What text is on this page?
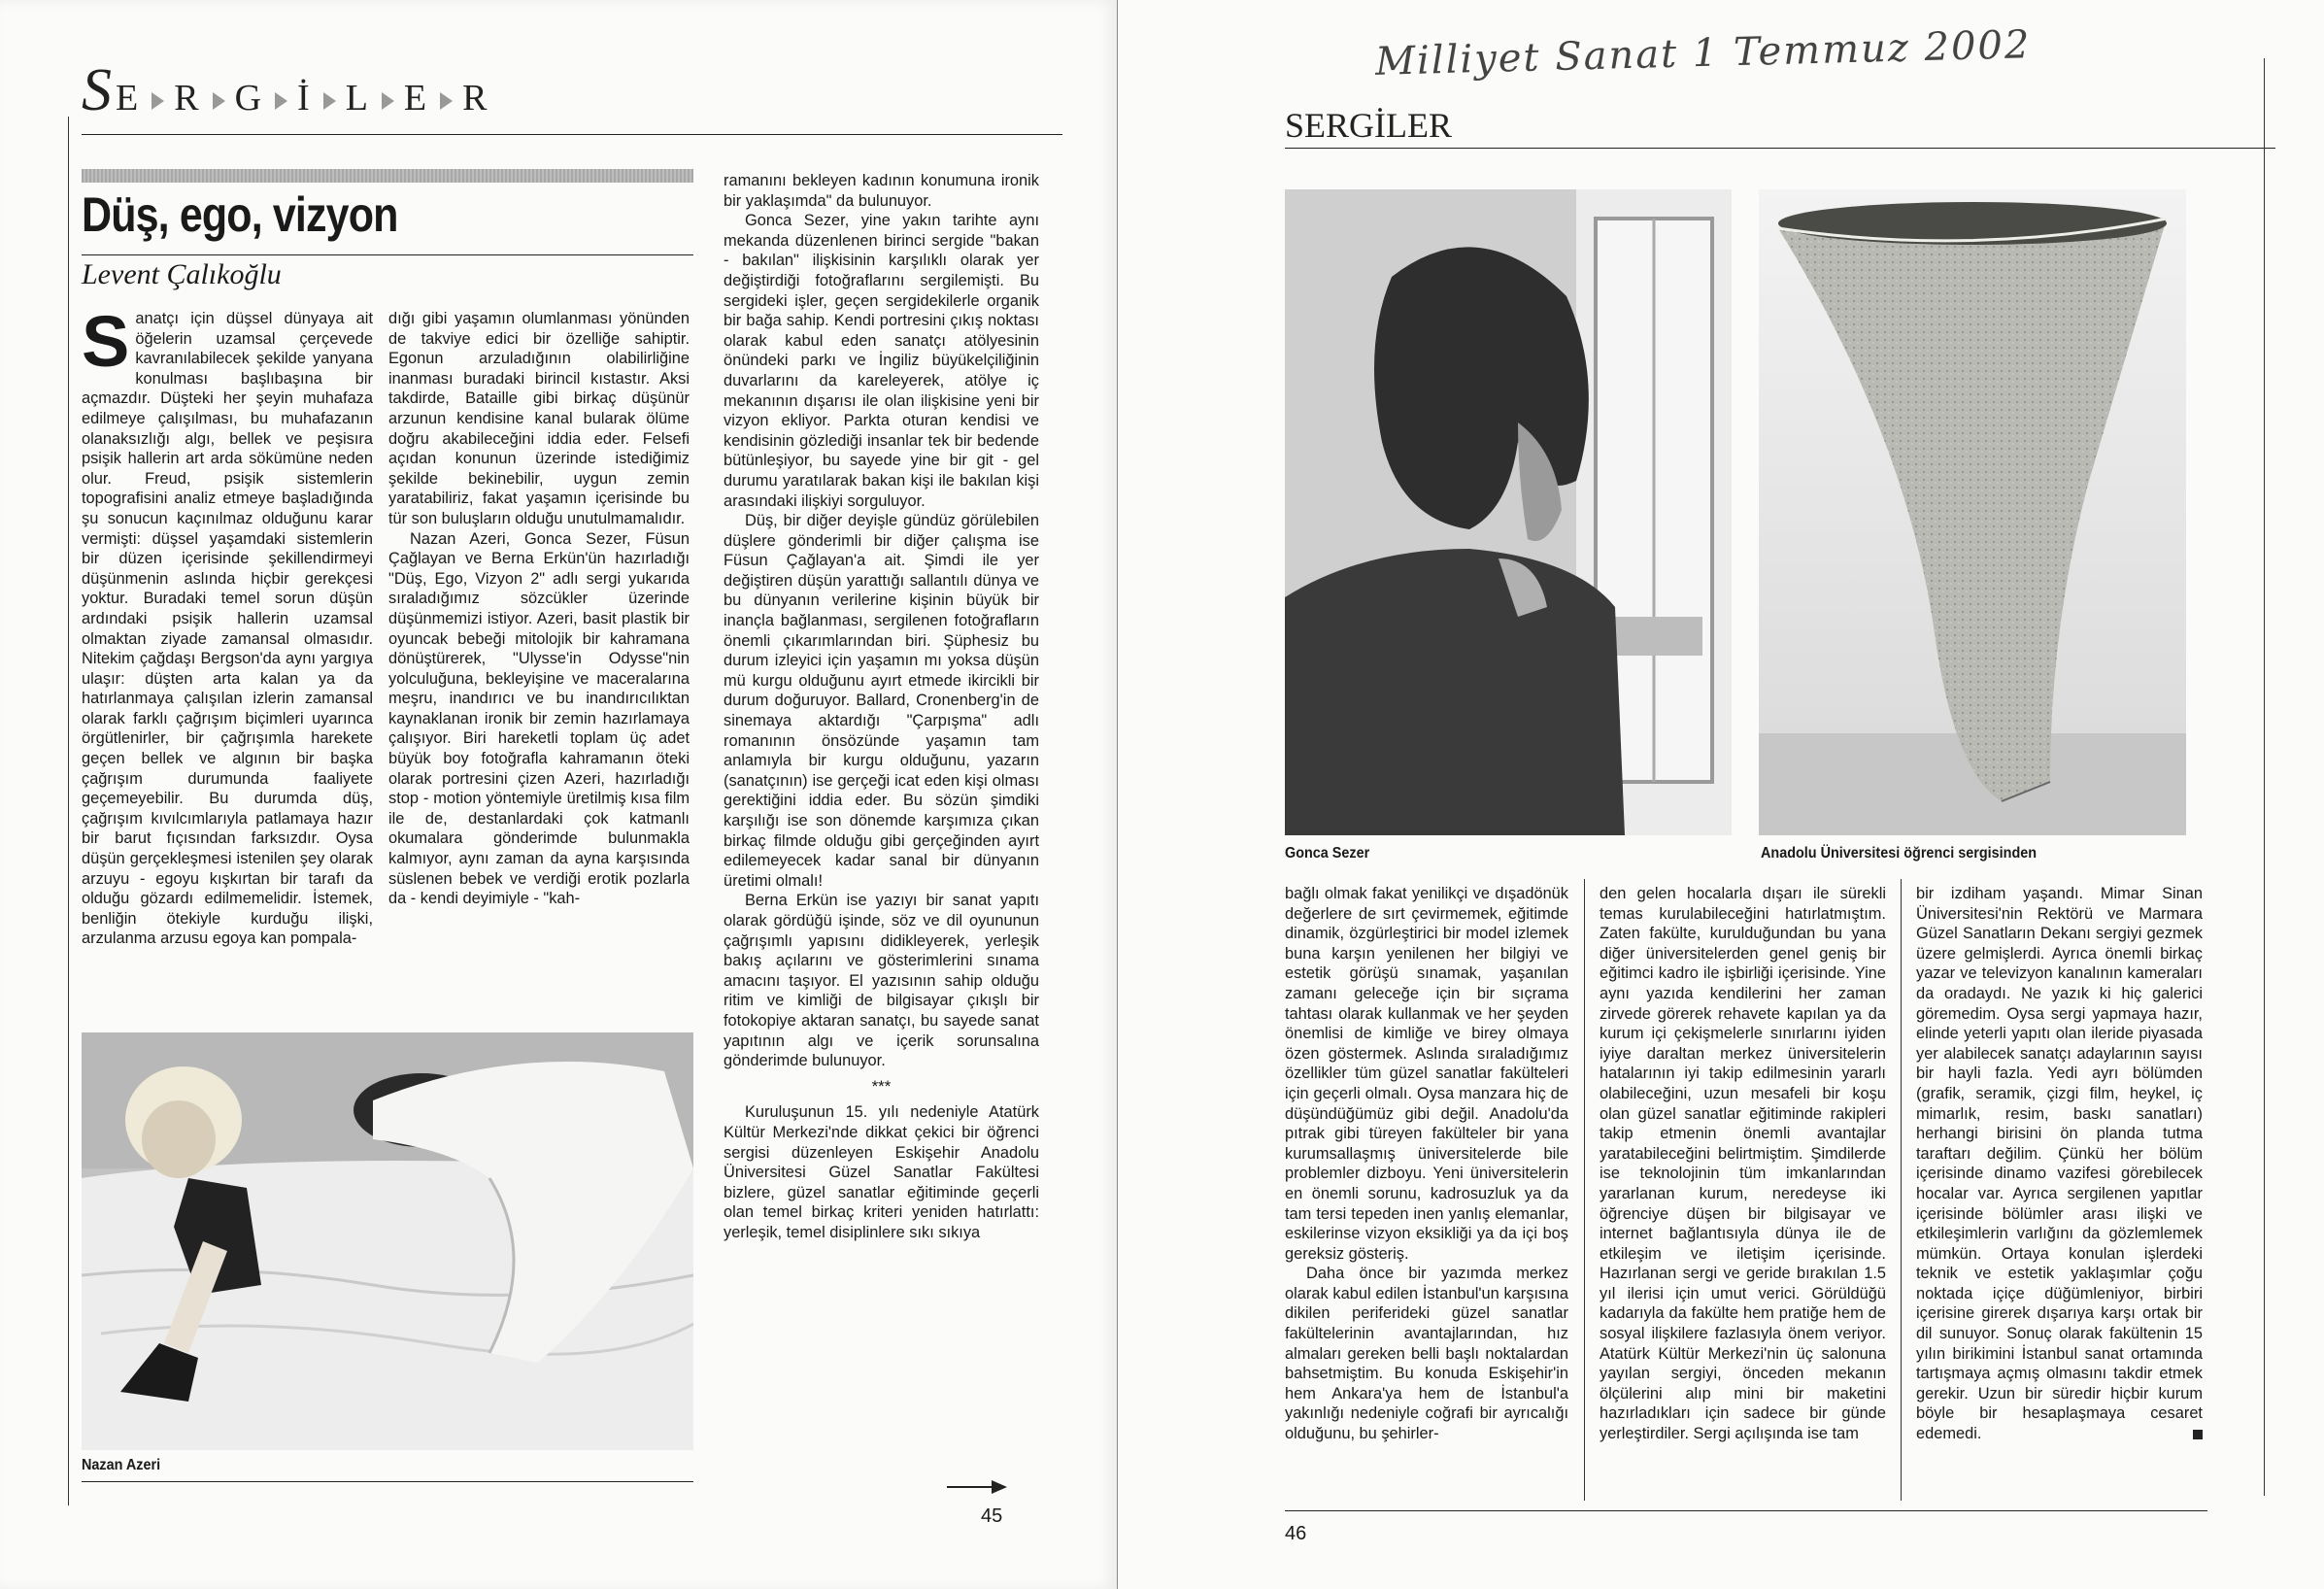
SE R G İ L E R
Düş, ego, vizyon
Levent Çalıkoğlu
Sanatçı için düşsel dünyaya ait öğelerin uzamsal çerçevede kavranılabilecek şekilde yanyana konulması başlıbaşına bir açmazdır. Düşteki her şeyin muhafaza edilmeye çalışılması, bu muhafazanın olanaksızlığı algı, bellek ve peşisıra psişik hallerin art arda sökümüne neden olur. Freud, psişik sistemlerin topografisini analiz etmeye başladığında şu sonucun kaçınılmaz olduğunu karar vermişti: düşsel yaşamdaki sistemlerin bir düzen içerisinde şekillendirmeyi düşünmenin aslında hiçbir gerekçesi yoktur. Buradaki temel sorun düşün ardındaki psişik hallerin uzamsal olmaktan ziyade zamansal olmasıdır. Nitekim çağdaşı Bergson'da aynı yargıya ulaşır: düşten arta kalan ya da hatırlanmaya çalışılan izlerin zamansal olarak farklı çağrışım biçimleri uyarınca örgütlenirler, bir çağrışımla harekete geçen bellek ve algının bir başka çağrışım durumunda faaliyete geçemeyebilir. Bu durumda düş, çağrışım kıvılcımlarıyla patlamaya hazır bir barut fıçısından farksızdır. Oysa düşün gerçekleşmesi istenilen şey olarak arzuyu - egoyu kışkırtan bir tarafı da olduğu gözardı edilmemelidir. İstemek, benliğin ötekiyle kurduğu ilişki, arzulanma arzusu egoya kan pompala-

dığı gibi yaşamın olumlanması yönünden de takviye edici bir özelliğe sahiptir. Egonun arzuladığının olabilirliğine inanması buradaki birincil kıstastır. Aksi takdirde, Bataille gibi birkaç düşünür arzunun kendisine kanal bularak ölüme doğru akabileceğini iddia eder. Felsefi açıdan konunun üzerinde istediğimiz şekilde bekinebilir, uygun zemin yaratabiliriz, fakat yaşamın içerisinde bu tür son buluşların olduğu unutulmamalıdır.

Nazan Azeri, Gonca Sezer, Füsun Çağlayan ve Berna Erkün'ün hazırladığı "Düş, Ego, Vizyon 2" adlı sergi yukarıda sıraladığımız sözcükler üzerinde düşünmemizi istiyor. Azeri, basit plastik bir oyuncak bebeği mitolojik bir kahramana dönüştürerek, "Ulysse'in Odysse"nin yolculuğuna, bekleyişine ve maceralarına meşru, inandırıcı ve bu inandırıcılıktan kaynaklanan ironik bir zemin hazırlamaya çalışıyor. Biri hareketli toplam üç adet büyük boy fotoğrafla kahramanın öteki olarak portresini çizen Azeri, hazırladığı stop - motion yöntemiyle üretilmiş kısa film ile de, destanlardaki çok katmanlı okumalara gönderimde bulunmakla kalmıyor, aynı zaman da ayna karşısında süslenen bebek ve verdiği erotik pozlarla da - kendi deyimiyle - "kah-

ramanını bekleyen kadının konumuna ironik bir yaklaşımda" da bulunuyor.

Gonca Sezer, yine yakın tarihte aynı mekanda düzenlenen birinci sergide "bakan - bakılan" ilişkisinin karşılıklı olarak yer değiştirdiği fotoğraflarını sergilemişti. Bu sergideki işler, geçen sergidekilerle organik bir bağa sahip. Kendi portresini çıkış noktası olarak kabul eden sanatçı atölyesinin önündeki parkı ve İngiliz büyükelçiliğinin duvarlarını da kareleyerek, atölye iç mekanının dışarısı ile olan ilişkisine yeni bir vizyon ekliyor. Parkta oturan kendisi ve kendisinin gözlediği insanlar tek bir bedende bütünleşiyor, bu sayede yine bir git - gel durumu yaratılarak bakan kişi ile bakılan kişi arasındaki ilişkiyi sorguluyor.

Düş, bir diğer deyişle gündüz görülebilen düşlere gönderimli bir diğer çalışma ise Füsun Çağlayan'a ait. Şimdi ile yer değiştiren düşün yarattığı sallantılı dünya ve bu dünyanın verilerine kişinin büyük bir inançla bağlanması, sergilenen fotoğrafların önemli çıkarımlarından biri. Şüphesiz bu durum izleyici için yaşamın mı yoksa düşün mü kurgu olduğunu ayırt etmede ikircikli bir durum doğuruyor. Ballard, Cronenberg'in de sinemaya aktardığı "Çarpışma" adlı romanının önsözünde yaşamın tam anlamıyla bir kurgu olduğunu, yazarın (sanatçının) ise gerçeği icat eden kişi olması gerektiğini iddia eder. Bu sözün şimdiki karşılığı ise son dönemde karşımıza çıkan birkaç filmde olduğu gibi gerçeğinden ayırt edilemeyecek kadar sanal bir dünyanın üretimi olmalı!

Berna Erkün ise yazıyı bir sanat yapıtı olarak gördüğü işinde, söz ve dil oyununun çağrışımlı yapısını didikleyerek, yerleşik bakış açılarını ve gösterimlerini sınama amacını taşıyor. El yazısının sahip olduğu ritim ve kimliği de bilgisayar çıkışlı bir fotokopiye aktaran sanatçı, bu sayede sanat yapıtının algı ve içerik sorunsalına gönderimde bulunuyor.

***

Kuruluşunun 15. yılı nedeniyle Atatürk Kültür Merkezi'nde dikkat çekici bir öğrenci sergisi düzenleyen Eskişehir Anadolu Üniversitesi Güzel Sanatlar Fakültesi bizlere, güzel sanatlar eğitiminde geçerli olan temel birkaç kriteri yeniden hatırlattı: yerleşik, temel disiplinlere sıkı sıkıya

Nazan Azeri
45
Milliyet Sanat 1 Temmuz 2002
SERGİLER
Gonca Sezer	Anadolu Üniversitesi öğrenci sergisinden

bağlı olmak fakat yenilikçi ve dışadönük değerlere de sırt çevirmemek, eğitimde dinamik, özgürleştirici bir model izlemek buna karşın yenilenen her bilgiyi ve estetik görüşü sınamak, yaşanılan zamanı geleceğe için bir sıçrama tahtası olarak kullanmak ve her şeyden önemlisi de kimliğe ve birey olmaya özen göstermek. Aslında sıraladığımız özellikler tüm güzel sanatlar fakülteleri için geçerli olmalı. Oysa manzara hiç de düşündüğümüz gibi değil. Anadolu'da pıtrak gibi türeyen fakülteler bir yana kurumsallaşmış üniversitelerde bile problemler dizboyu. Yeni üniversitelerin en önemli sorunu, kadrosuzluk ya da tam tersi tepeden inen yanlış elemanlar, eskilerinse vizyon eksikliği ya da içi boş gereksiz gösteriş.

Daha önce bir yazımda merkez olarak kabul edilen İstanbul'un karşısına dikilen periferideki güzel sanatlar fakültelerinin avantajlarından, hız almaları gereken belli başlı noktalardan bahsetmiştim. Bu konuda Eskişehir'in hem Ankara'ya hem de İstanbul'a yakınlığı nedeniyle coğrafi bir ayrıcalığı olduğunu, bu şehirler-

den gelen hocalarla dışarı ile sürekli temas kurulabileceğini hatırlatmıştım. Zaten fakülte, kurulduğundan bu yana diğer üniversitelerden genel geniş bir eğitimci kadro ile işbirliği içerisinde. Yine aynı yazıda kendilerini her zaman zirvede görerek rehavete kapılan ya da kurum içi çekişmelerle sınırlarını iyiden iyiye daraltan merkez üniversitelerin hatalarının iyi takip edilmesinin yararlı olabileceğini, uzun mesafeli bir koşu olan güzel sanatlar eğitiminde rakipleri takip etmenin önemli avantajlar yaratabileceğini belirtmiştim. Şimdilerde ise teknolojinin tüm imkanlarından yararlanan kurum, neredeyse iki öğrenciye düşen bir bilgisayar ve internet bağlantısıyla dünya ile de etkileşim ve iletişim içerisinde. Hazırlanan sergi ve geride bırakılan 1.5 yıl ilerisi için umut verici. Görüldüğü kadarıyla da fakülte hem pratiğe hem de sosyal ilişkilere fazlasıyla önem veriyor. Atatürk Kültür Merkezi'nin üç salonuna yayılan sergiyi, önceden mekanın ölçülerini alıp mini bir maketini hazırladıkları için sadece bir günde yerleştirdiler. Sergi açılışında ise tam

bir izdiham yaşandı. Mimar Sinan Üniversitesi'nin Rektörü ve Marmara Güzel Sanatların Dekanı sergiyi gezmek üzere gelmişlerdi. Ayrıca önemli birkaç yazar ve televizyon kanalının kameraları da oradaydı. Ne yazık ki hiç galerici göremedim. Oysa sergi yapmaya hazır, elinde yeterli yapıtı olan ileride piyasada yer alabilecek sanatçı adaylarının sayısı bir hayli fazla. Yedi ayrı bölümden (grafik, seramik, çizgi film, heykel, iç mimarlık, resim, baskı sanatları) herhangi birisini ön planda tutma taraftarı değilim. Çünkü her bölüm içerisinde dinamo vazifesi görebilecek hocalar var. Ayrıca sergilenen yapıtlar içerisinde bölümler arası ilişki ve etkileşimlerin varlığını da gözlemlemek mümkün. Ortaya konulan işlerdeki teknik ve estetik yaklaşımlar çoğu noktada içiçe düğümleniyor, birbiri içerisine girerek dışarıya karşı ortak bir dil sunuyor. Sonuç olarak fakültenin 15 yılın birikimini İstanbul sanat ortamında tartışmaya açmış olmasını takdir etmek gerekir. Uzun bir süredir hiçbir kurum böyle bir hesaplaşmaya cesaret edemedi.

46
